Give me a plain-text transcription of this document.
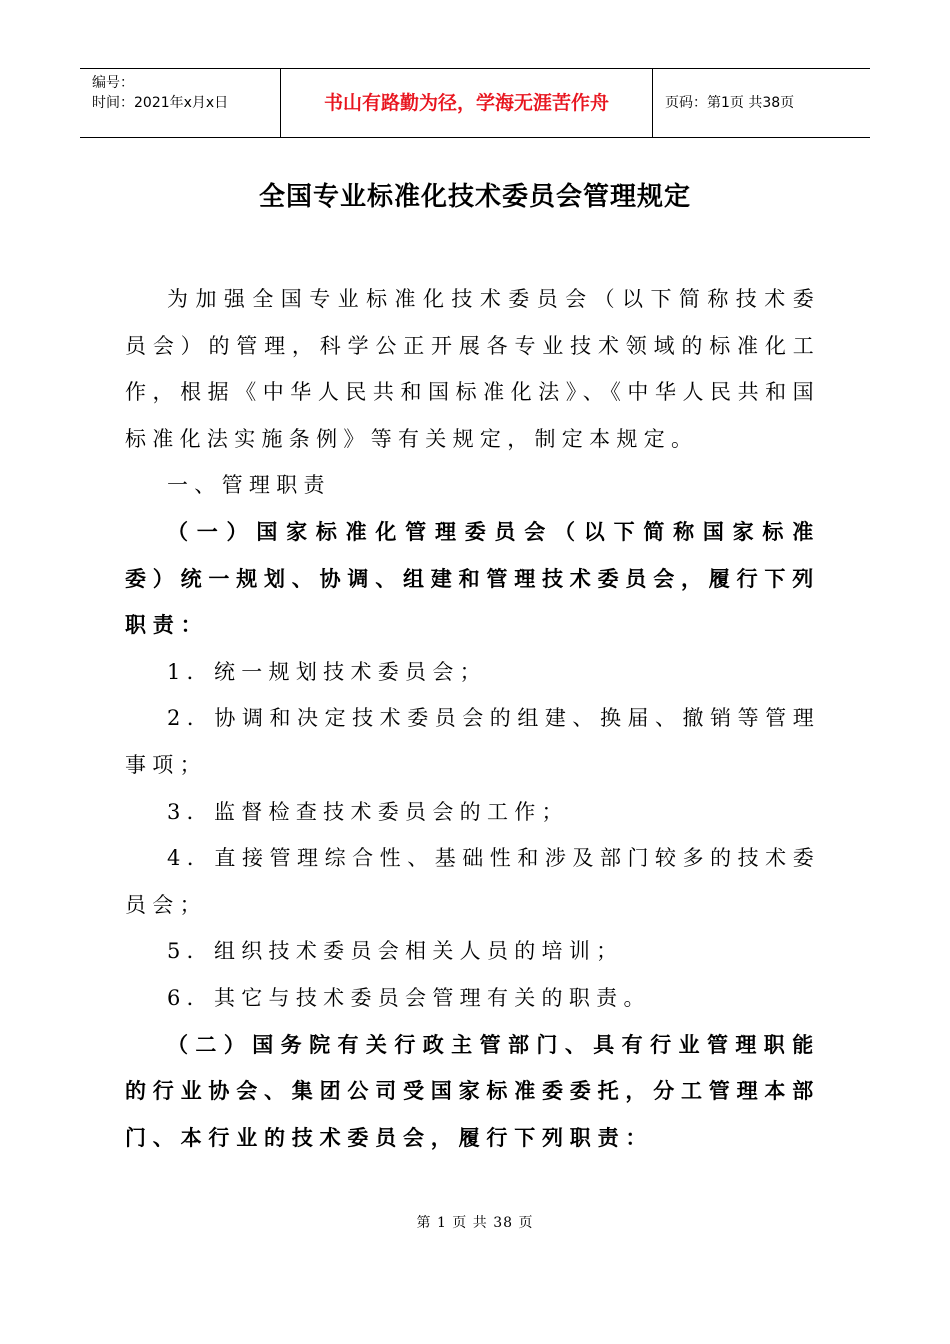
编号：
时间：2021年x月x日	书山有路勤为径，学海无涯苦作舟	页码：第1页 共38页
全国专业标准化技术委员会管理规定

为加强全国专业标准化技术委员会（以下简称技术委员会）的管理，科学公正开展各专业技术领域的标准化工作，根据《中华人民共和国标准化法》、《中华人民共和国标准化法实施条例》等有关规定，制定本规定。

一、管理职责

（一）国家标准化管理委员会（以下简称国家标准委）统一规划、协调、组建和管理技术委员会，履行下列职责：

1．统一规划技术委员会；

2．协调和决定技术委员会的组建、换届、撤销等管理事项；

3．监督检查技术委员会的工作；

4．直接管理综合性、基础性和涉及部门较多的技术委员会；

5．组织技术委员会相关人员的培训；

6．其它与技术委员会管理有关的职责。

（二）国务院有关行政主管部门、具有行业管理职能的行业协会、集团公司受国家标准委委托，分工管理本部门、本行业的技术委员会，履行下列职责：

第 1 页 共 38 页
